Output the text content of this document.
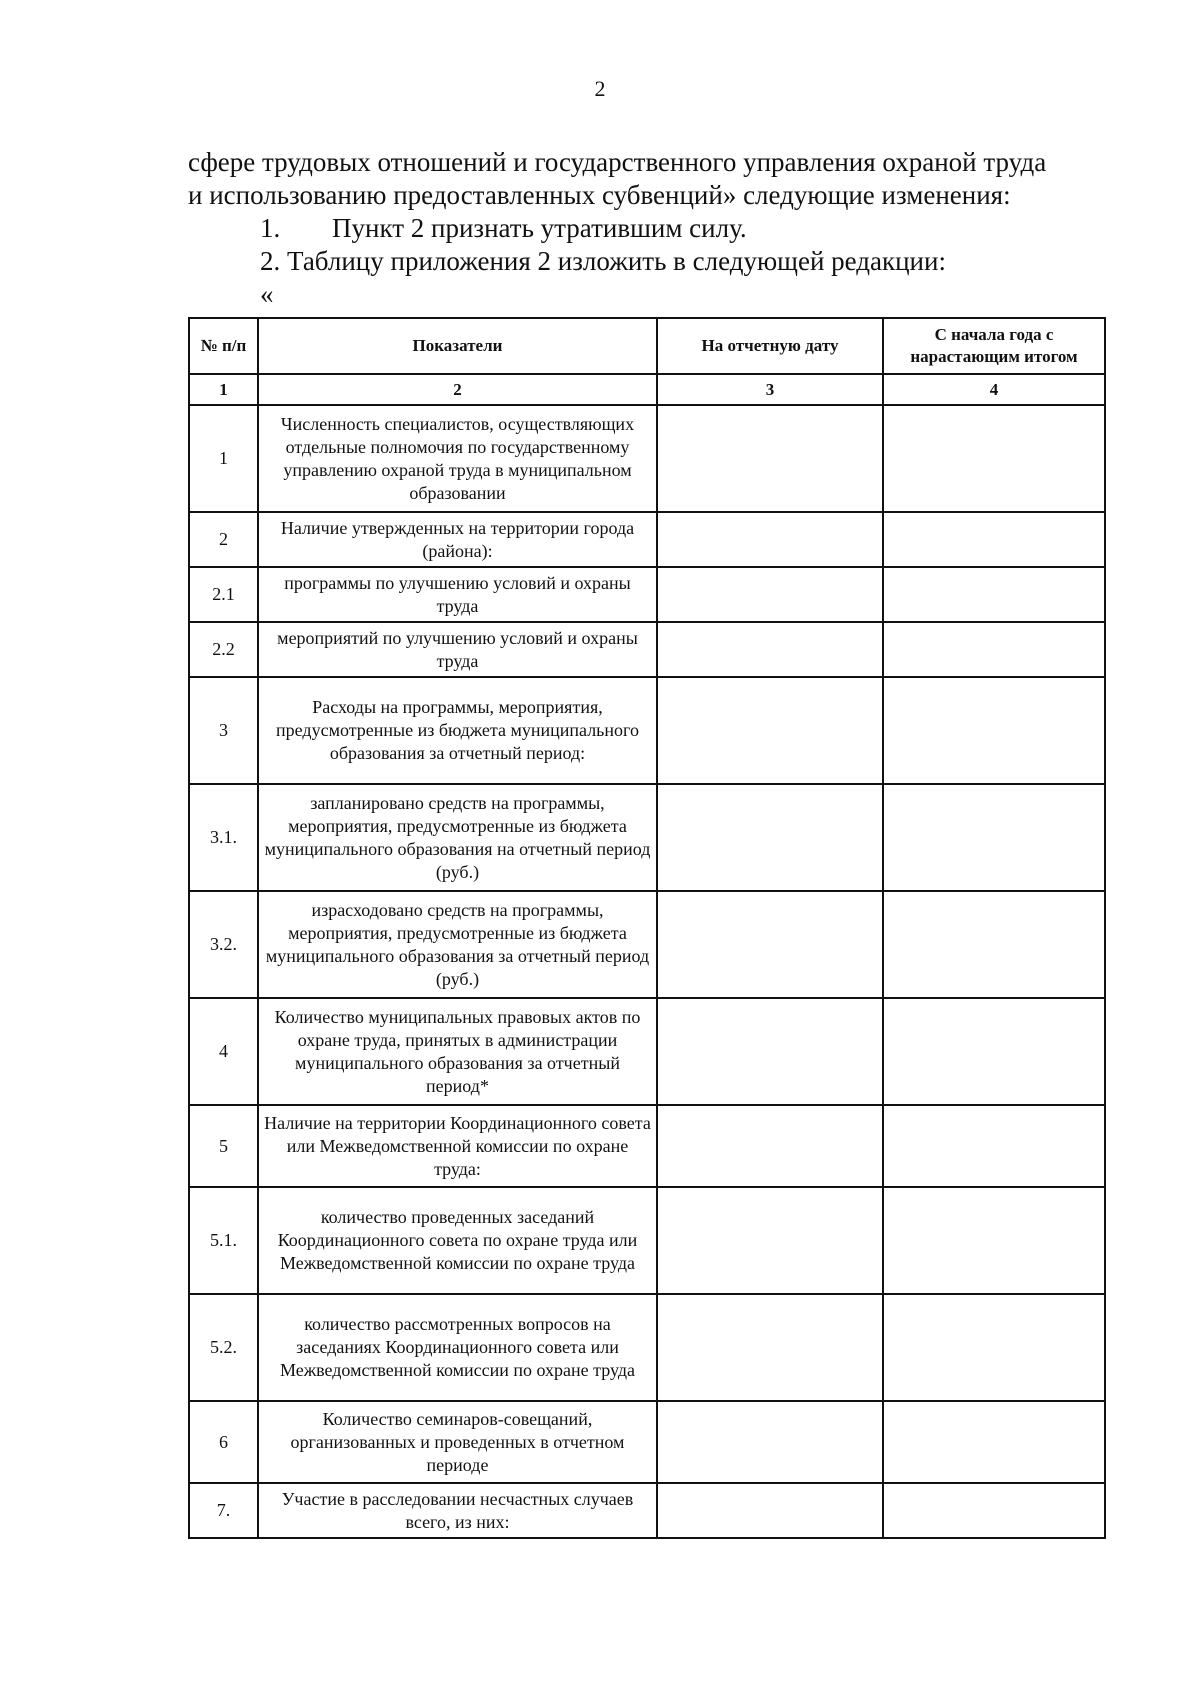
2

сфере трудовых отношений и государственного управления охраной труда

и использованию предоставленных субвенций» следующие изменения:

1. Пункт 2 признать утратившим силу.

2. Таблицу приложения 2 изложить в следующей редакции:

«

№ п/п	Показатели	На отчетную дату	С начала года с нарастающим итогом
1	2	3	4
1	Численность специалистов, осуществляющих отдельные полномочия по государственному управлению охраной труда в муниципальном образовании		
2	Наличие утвержденных на территории города (района):		
2.1	программы по улучшению условий и охраны труда		
2.2	мероприятий по улучшению условий и охраны труда		
3	Расходы на программы, мероприятия, предусмотренные из бюджета муниципального образования за отчетный период:		
3.1.	запланировано средств на программы, мероприятия, предусмотренные из бюджета муниципального образования на отчетный период (руб.)		
3.2.	израсходовано средств на программы, мероприятия, предусмотренные из бюджета муниципального образования за отчетный период (руб.)		
4	Количество муниципальных правовых актов по охране труда, принятых в администрации муниципального образования за отчетный период*		
5	Наличие на территории Координационного совета или Межведомственной комиссии по охране труда:		
5.1.	количество проведенных заседаний Координационного совета по охране труда или Межведомственной комиссии по охране труда		
5.2.	количество рассмотренных вопросов на заседаниях Координационного совета или Межведомственной комиссии по охране труда		
6	Количество семинаров-совещаний, организованных и проведенных в отчетном периоде		
7.	Участие в расследовании несчастных случаев всего, из них:		
